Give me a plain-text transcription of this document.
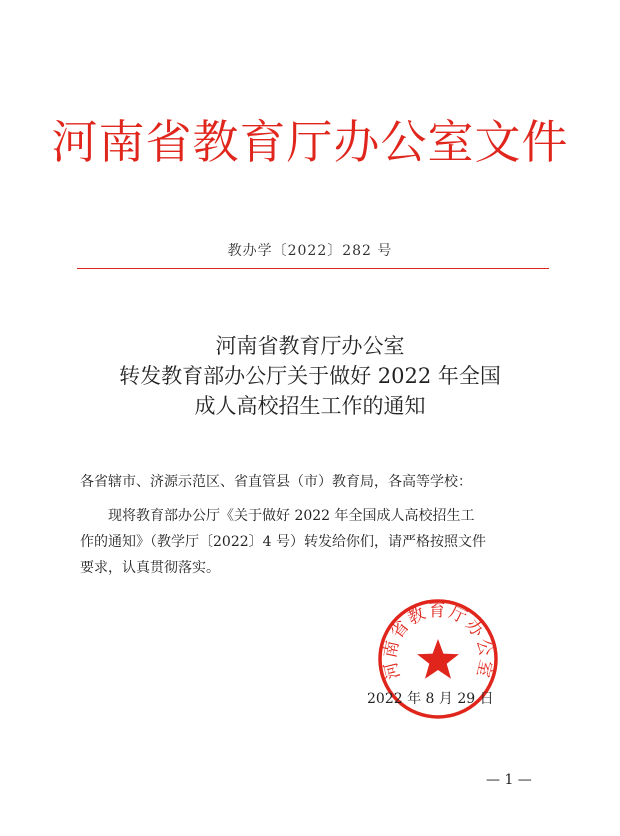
河南省教育厅办公室文件
教办学〔2022〕282 号
河南省教育厅办公室
转发教育部办公厅关于做好 2022 年全国
成人高校招生工作的通知
各省辖市、济源示范区、省直管县（市）教育局，各高等学校：
现将教育部办公厅《关于做好 2022 年全国成人高校招生工
作的通知》（教学厅〔2022〕4 号）转发给你们，请严格按照文件
要求，认真贯彻落实。
河南省教育厅办公室
2022 年 8 月 29 日
— 1 —
